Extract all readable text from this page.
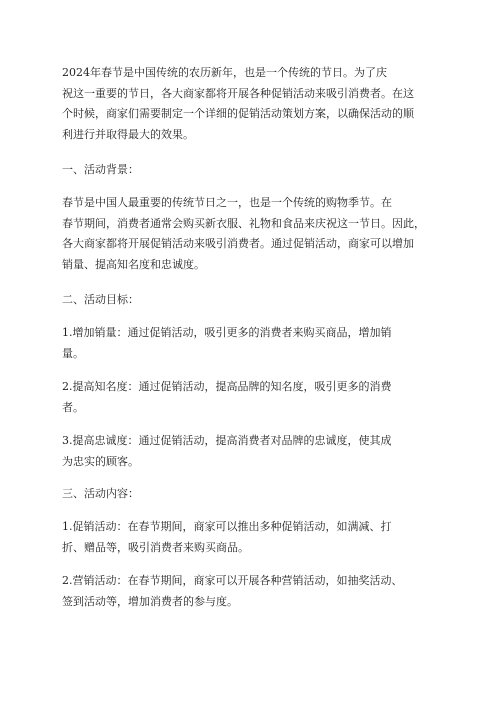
2024年春节是中国传统的农历新年，也是一个传统的节日。为了庆
祝这一重要的节日，各大商家都将开展各种促销活动来吸引消费者。在这
个时候，商家们需要制定一个详细的促销活动策划方案，以确保活动的顺
利进行并取得最大的效果。

一、活动背景：

春节是中国人最重要的传统节日之一，也是一个传统的购物季节。在
春节期间，消费者通常会购买新衣服、礼物和食品来庆祝这一节日。因此，
各大商家都将开展促销活动来吸引消费者。通过促销活动，商家可以增加
销量、提高知名度和忠诚度。

二、活动目标：

1.增加销量：通过促销活动，吸引更多的消费者来购买商品，增加销
量。

2.提高知名度：通过促销活动，提高品牌的知名度，吸引更多的消费
者。

3.提高忠诚度：通过促销活动，提高消费者对品牌的忠诚度，使其成
为忠实的顾客。

三、活动内容：

1.促销活动：在春节期间，商家可以推出多种促销活动，如满减、打
折、赠品等，吸引消费者来购买商品。

2.营销活动：在春节期间，商家可以开展各种营销活动，如抽奖活动、
签到活动等，增加消费者的参与度。
